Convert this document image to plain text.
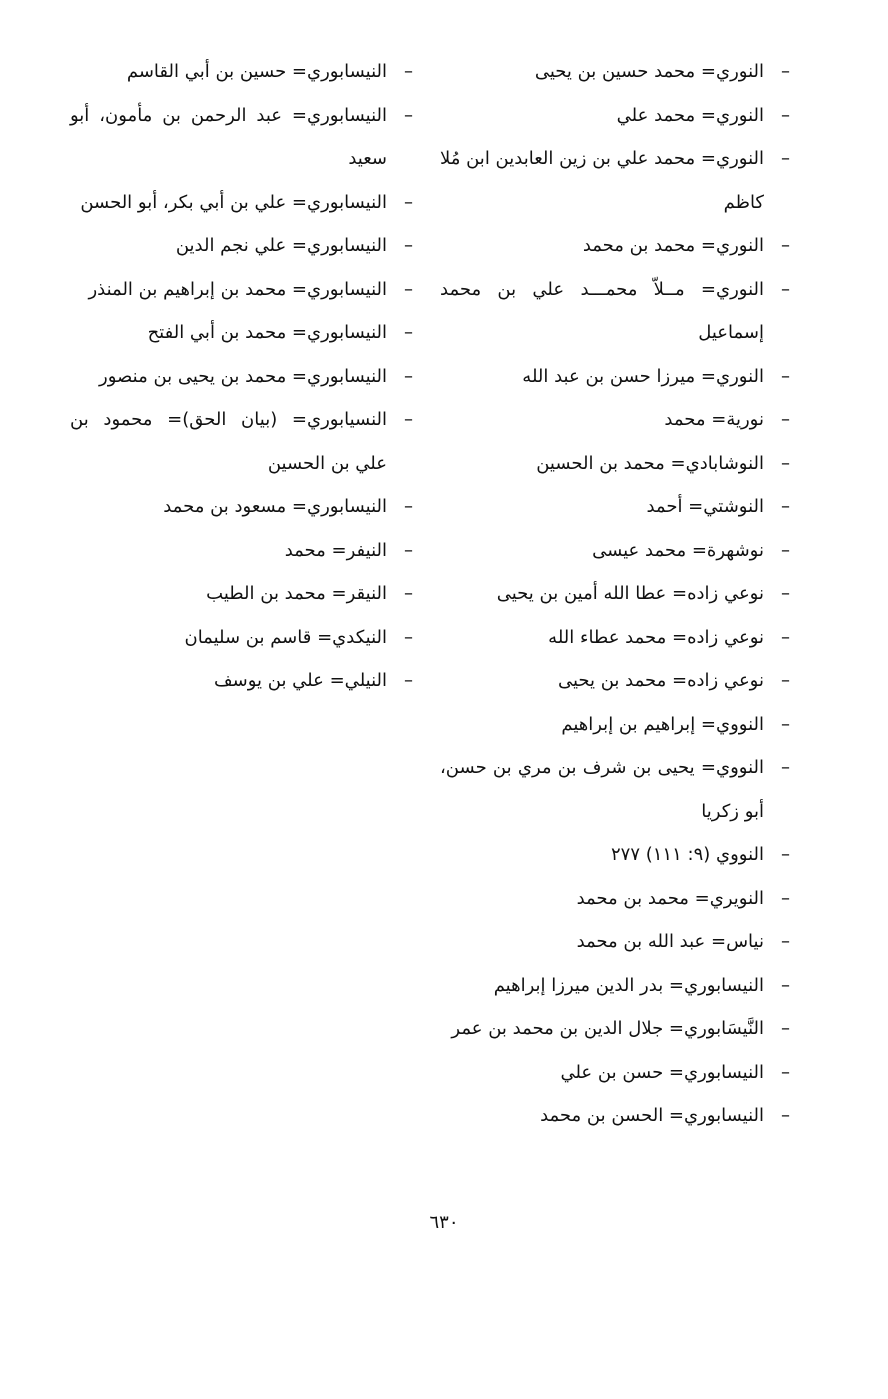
– النوري= محمد حسين بن يحيى
– النوري= محمد علي
– النوري= محمد علي بن زين العابدين ابن مُلا كاظم
– النوري= محمد بن محمد
– النوري= مــلاّ محمـــد علي بن محمد إسماعيل
– النوري= ميرزا حسن بن عبد الله
– نورية= محمد
– النوشابادي= محمد بن الحسين
– النوشتي= أحمد
– نوشهرة= محمد عيسى
– نوعي زاده= عطا الله أمين بن يحيى
– نوعي زاده= محمد عطاء الله
– نوعي زاده= محمد بن يحيى
– النووي= إبراهيم بن إبراهيم
– النووي= يحيى بن شرف بن مري بن حسن، أبو زكريا
– النووي (٩: ١١١) ٢٧٧
– النويري= محمد بن محمد
– نياس= عبد الله بن محمد
– النيسابوري= بدر الدين ميرزا إبراهيم
– النَّيسَابوري= جلال الدين بن محمد بن عمر
– النيسابوري= حسن بن علي
– النيسابوري= الحسن بن محمد
– النيسابوري= حسين بن أبي القاسم
– النيسابوري= عبد الرحمن بن مأمون، أبو سعيد
– النيسابوري= علي بن أبي بكر، أبو الحسن
– النيسابوري= علي نجم الدين
– النيسابوري= محمد بن إبراهيم بن المنذر
– النيسابوري= محمد بن أبي الفتح
– النيسابوري= محمد بن يحيى بن منصور
– النسيابوري= (بيان الحق)= محمود بن علي بن الحسين
– النيسابوري= مسعود بن محمد
– النيفر= محمد
– النيقر= محمد بن الطيب
– النيكدي= قاسم بن سليمان
– النيلي= علي بن يوسف
٦٣٠
